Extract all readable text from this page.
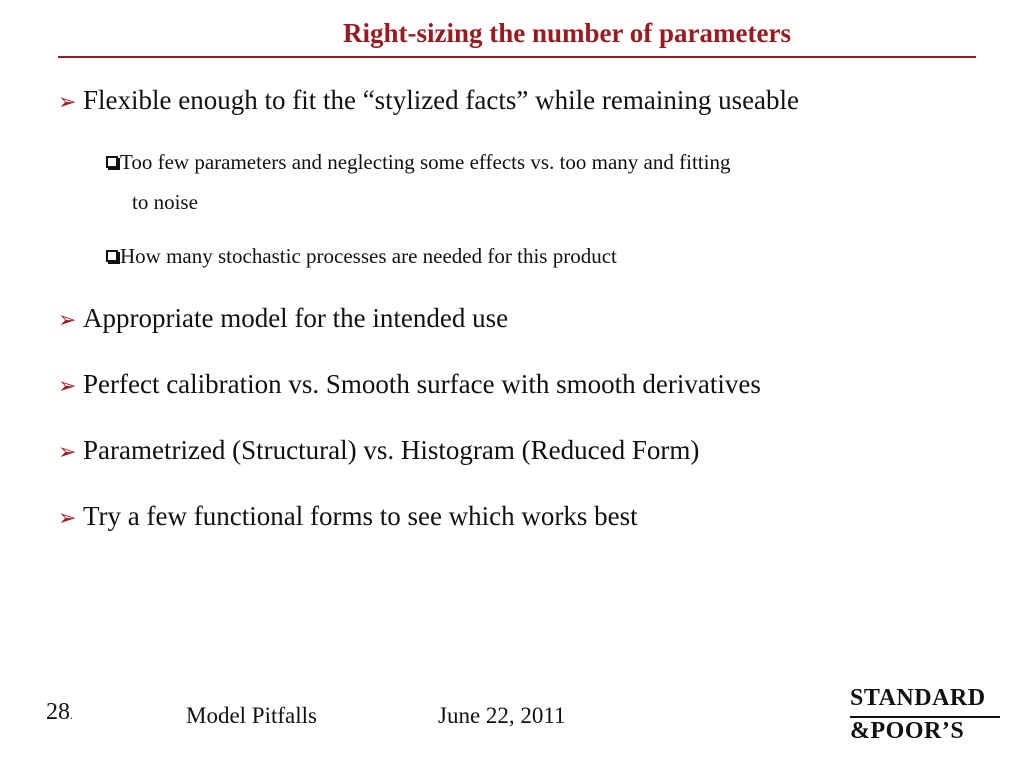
Right-sizing the number of parameters
➢ Flexible enough to fit the “stylized facts” while remaining useable
Too few parameters and neglecting some effects vs. too many and fitting
to noise
How many stochastic processes are needed for this product
➢ Appropriate model for the intended use
➢ Perfect calibration vs. Smooth surface with smooth derivatives
➢ Parametrized (Structural) vs. Histogram (Reduced Form)
➢ Try a few functional forms to see which works best
28.	Model Pitfalls	June 22, 2011
STANDARD
&POOR’S
